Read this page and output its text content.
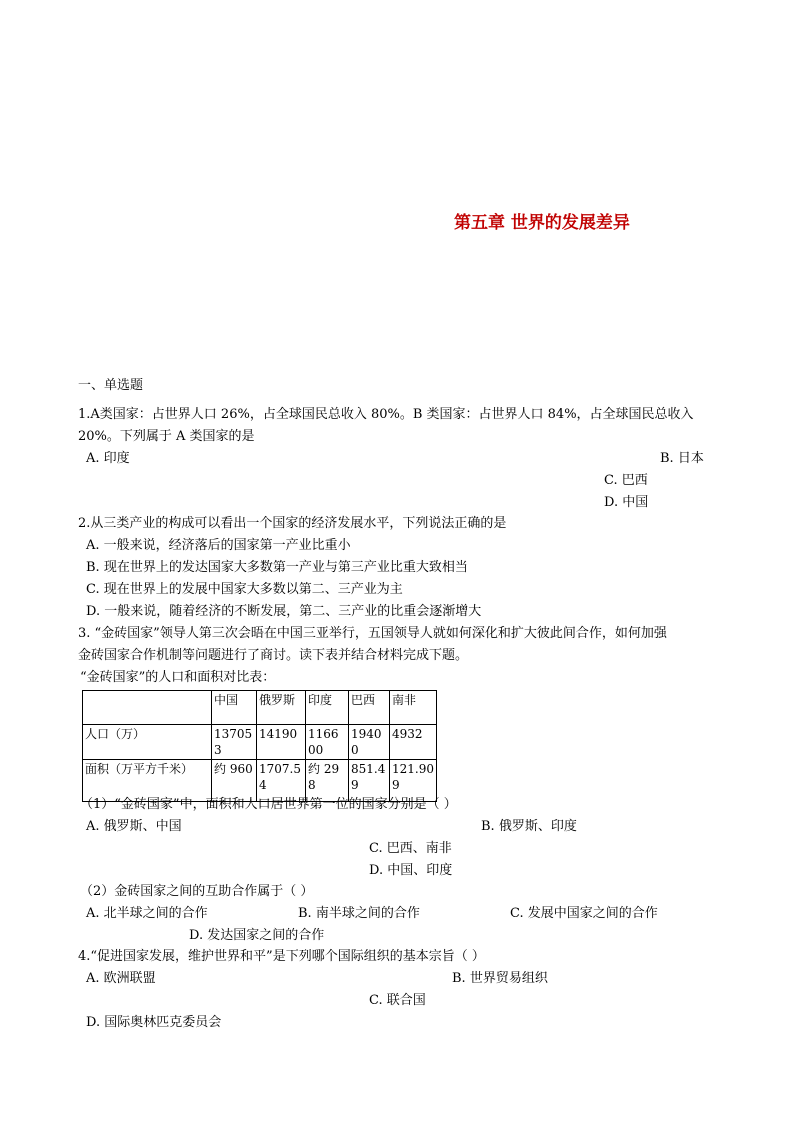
第五章 世界的发展差异
一、单选题
1.A类国家：占世界人口 26%，占全球国民总收入 80%。B 类国家：占世界人口 84%，占全球国民总收入
20%。下列属于 A 类国家的是
A. 印度	B. 日本
C. 巴西
D. 中国
2.从三类产业的构成可以看出一个国家的经济发展水平，下列说法正确的是
A. 一般来说，经济落后的国家第一产业比重小
B. 现在世界上的发达国家大多数第一产业与第三产业比重大致相当
C. 现在世界上的发展中国家大多数以第二、三产业为主
D. 一般来说，随着经济的不断发展，第二、三产业的比重会逐渐增大
3. “金砖国家”领导人第三次会晤在中国三亚举行，五国领导人就如何深化和扩大彼此间合作，如何加强
金砖国家合作机制等问题进行了商讨。读下表并结合材料完成下题。
“金砖国家”的人口和面积对比表：
	中国	俄罗斯	印度	巴西	南非
人口（万）	137053	14190	116600	19400	4932
面积（万平方千米）	约 960	1707.54	约 298	851.49	121.909
（1）“金砖国家”中，面积和人口居世界第一位的国家分别是（ ）
A. 俄罗斯、中国	B. 俄罗斯、印度
C. 巴西、南非
D. 中国、印度
（2）金砖国家之间的互助合作属于（ ）
A. 北半球之间的合作	B. 南半球之间的合作	C. 发展中国家之间的合作
D. 发达国家之间的合作
4.“促进国家发展，维护世界和平”是下列哪个国际组织的基本宗旨（ ）
A. 欧洲联盟	B. 世界贸易组织
C. 联合国
D. 国际奥林匹克委员会
